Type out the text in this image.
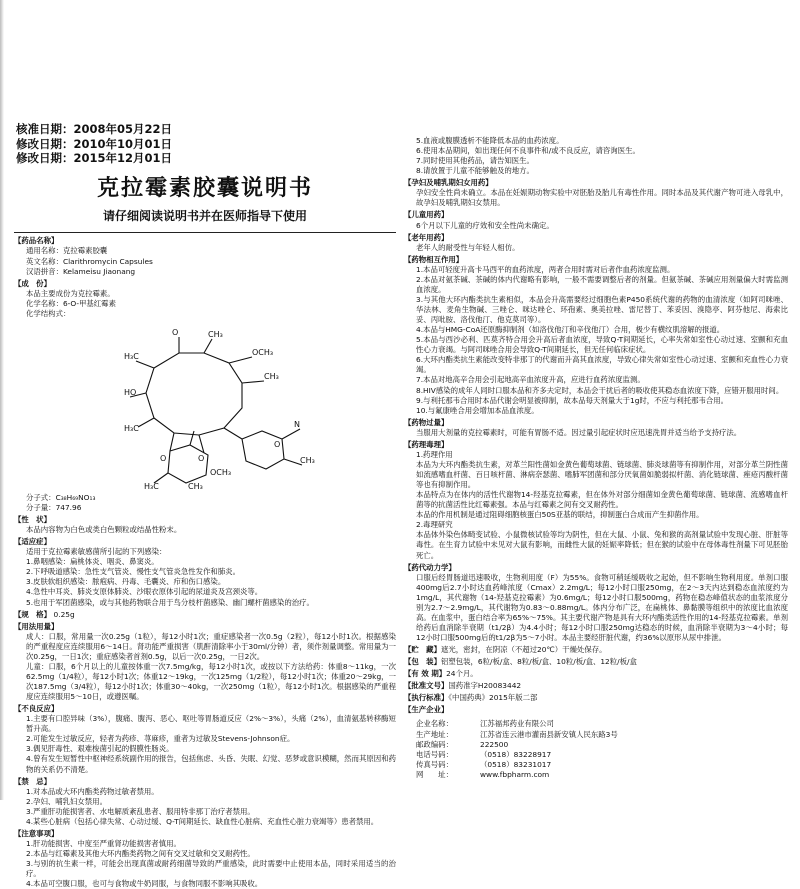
核准日期：2008年05月22日
修改日期：2010年10月01日
修改日期：2015年12月01日
克拉霉素胶囊说明书
请仔细阅读说明书并在医师指导下使用
【药品名称】
通用名称：克拉霉素胶囊
英文名称：Clarithromycin Capsules
汉语拼音：Kelameisu Jiaonang
【成　份】
本品主要成份为克拉霉素。
化学名称：6-O-甲基红霉素
化学结构式：
O	CH₃
OCH₃
CH₃
H₃C
HO
H₃C
O	O
O
N
CH₃
OCH₃
H₃C	CH₃
分子式：C₃₈H₆₉NO₁₃
分子量：747.96
【性　状】
本品内容物为白色或类白色颗粒或结晶性粉末。
【适应症】
适用于克拉霉素敏感菌所引起的下列感染：
1.鼻咽感染：扁桃体炎、咽炎、鼻窦炎。
2.下呼吸道感染：急性支气管炎、慢性支气管炎急性发作和肺炎。
3.皮肤软组织感染：脓疱病、丹毒、毛囊炎、疖和伤口感染。
4.急性中耳炎、肺炎支原体肺炎、沙眼衣原体引起的尿道炎及宫颈炎等。
5.也用于军团菌感染，或与其他药物联合用于鸟分枝杆菌感染、幽门螺杆菌感染的治疗。
【规　格】 0.25g
【用法用量】
成人：口服，常用量一次0.25g（1粒），每12小时1次；重症感染者一次0.5g（2粒），每12小时1次。根据感染的严重程度应连续服用6～14日。肾功能严重损害（肌酐清除率小于30ml/分钟）者，须作剂量调整。常用量为一次0.25g，一日1次；重症感染者首剂0.5g，以后一次0.25g，一日2次。
儿童：口服，6个月以上的儿童按体重一次7.5mg/kg，每12小时1次，或按以下方法给药：体重8～11kg，一次62.5mg（1/4粒），每12小时1次；体重12～19kg，一次125mg（1/2粒），每12小时1次；体重20～29kg，一次187.5mg（3/4粒），每12小时1次；体重30～40kg，一次250mg（1粒），每12小时1次。根据感染的严重程度应连续服用5～10日，或遵医嘱。
【不良反应】
1.主要有口腔异味（3%），腹痛、腹泻、恶心、呕吐等胃肠道反应（2%～3%），头痛（2%），血清氨基转移酶短暂升高。
2.可能发生过敏反应，轻者为药疹、荨麻疹，重者为过敏及Stevens-Johnson症。
3.偶见肝毒性、艰难梭菌引起的假膜性肠炎。
4.曾有发生短暂性中枢神经系统副作用的报告，包括焦虑、头昏、失眠、幻觉、恶梦或意识模糊，然而其原因和药物的关系仍不清楚。
【禁　忌】
1.对本品或大环内酯类药物过敏者禁用。
2.孕妇、哺乳妇女禁用。
3.严重肝功能损害者、水电解质紊乱患者、服用特非那丁治疗者禁用。
4.某些心脏病（包括心律失常、心动过缓、Q-T间期延长、缺血性心脏病、充血性心脏力衰竭等）患者禁用。
【注意事项】
1.肝功能损害、中度至严重肾功能损害者慎用。
2.本品与红霉素及其他大环内酯类药物之间有交叉过敏和交叉耐药性。
3.与别的抗生素一样，可能会出现真菌或耐药细菌导致的严重感染，此时需要中止使用本品，同时采用适当的治疗。
4.本品可空腹口服，也可与食物或牛奶同服，与食物同服不影响其吸收。
5.血液或腹膜透析不能降低本品的血药浓度。
6.使用本品期间，如出现任何不良事件和/或不良反应，请咨询医生。
7.同时使用其他药品，请告知医生。
8.请放置于儿童不能够触及的地方。
【孕妇及哺乳期妇女用药】
孕妇安全性尚未确立。本品在妊娠期动物实验中对胚胎及胎儿有毒性作用。同时本品及其代谢产物可进入母乳中，故孕妇及哺乳期妇女禁用。
【儿童用药】
6个月以下儿童的疗效和安全性尚未确定。
【老年用药】
老年人的耐受性与年轻人相仿。
【药物相互作用】
1.本品可轻度升高卡马西平的血药浓度，两者合用时需对后者作血药浓度监测。
2.本品对氨茶碱、茶碱的体内代谢略有影响，一般不需要调整后者的剂量。但氨茶碱、茶碱应用剂量偏大时需监测血浓度。
3.与其他大环内酯类抗生素相似，本品会升高需要经过细胞色素P450系统代谢的药物的血清浓度（如阿司咪唑、华法林、麦角生物碱、三唑仑、咪达唑仑、环孢素、奥美拉唑、雷尼替丁、苯妥因、溴隐亭、阿芬他尼、海索比妥、丙吡胺、洛伐他汀、他克莫司等）。
4.本品与HMG-CoA还原酶抑制剂（如洛伐他汀和辛伐他汀）合用，极少有横纹肌溶解的报道。
5.本品与西沙必利、匹莫齐特合用会升高后者血浓度，导致Q-T间期延长，心率失常如室性心动过速、室颤和充血性心力衰竭。与阿司咪唑合用会导致Q-T间期延长，但无任何临床症状。
6.大环内酯类抗生素能改变特非那丁的代谢而升高其血浓度，导致心律失常如室性心动过速、室颤和充血性心力衰竭。
7.本品对地高辛合用会引起地高辛血浓度升高，应进行血药浓度监测。
8.HIV感染的成年人同时口服本品和齐多夫定时，本品会干扰后者的吸收使其稳态血浓度下降，应错开服用时间。
9.与利托那韦合用时本品代谢会明显被抑制，故本品每天剂量大于1g时，不应与利托那韦合用。
10.与氟康唑合用会增加本品血浓度。
【药物过量】
当服用大剂量的克拉霉素时，可能有胃肠不适。因过量引起症状时应迅速洗胃并适当给予支持疗法。
【药理毒理】
1.药理作用
本品为大环内酯类抗生素，对革兰阳性菌如金黄色葡萄球菌、链球菌、肺炎球菌等有抑制作用，对部分革兰阴性菌如流感嗜血杆菌、百日咳杆菌、淋病奈瑟菌、嗜肺军团菌和部分厌氧菌如脆弱拟杆菌、消化链球菌、痤疮丙酸杆菌等也有抑制作用。
本品特点为在体内的活性代谢物14-羟基克拉霉素，但在体外对部分细菌如金黄色葡萄球菌、链球菌、流感嗜血杆菌等的抗菌活性比红霉素强。本品与红霉素之间有交叉耐药性。
本品的作用机制是通过阻碍细胞核蛋白50S亚基的联结，抑制蛋白合成而产生抑菌作用。
2.毒理研究
本品体外染色体畸变试验、小鼠微核试验等均为阴性，但在大鼠、小鼠、兔和猴的高剂量试验中发现心脏、肝脏等毒性。在生育力试验中未见对大鼠有影响，而雌性大鼠的妊娠率降低；但在猴的试验中在母体毒性剂量下可见胚胎死亡。
【药代动力学】
口服后经胃肠道迅速吸收，生物利用度（F）为55%。食物可稍延缓吸收之起始，但不影响生物利用度。单剂口服400mg后2.7小时达血药峰浓度（Cmax）2.2mg/L；每12小时口服250mg，在2～3天内达到稳态血浓度约为1mg/L，其代谢物（14-羟基克拉霉素）为0.6mg/L；每12小时口服500mg，药物在稳态峰值状态的血浆浓度分别为2.7～2.9mg/L，其代谢物为0.83～0.88mg/L。体内分布广泛，在扁桃体、鼻黏膜等组织中的浓度比血浓度高。在血浆中，蛋白结合率为65%～75%。其主要代谢产物是具有大环内酯类活性作用的14-羟基克拉霉素。单剂给药后血消除半衰期（t1/2β）为4.4小时；每12小时口服250mg达稳态的时候，血消除半衰期为3～4小时；每12小时口服500mg后的t1/2β为5～7小时。本品主要经肝脏代谢，约36%以原形从尿中排泄。
【贮　藏】遮光，密封，在阴凉（不超过20℃）干燥处保存。
【包　装】铝塑包装，6粒/板/盒、8粒/板/盒、10粒/板/盒、12粒/板/盒
【有 效 期】24个月。
【批准文号】国药准字H20083442
【执行标准】《中国药典》2015年版二部
【生产企业】
企业名称：	江苏福邦药业有限公司
生产地址：	江苏省连云港市灌南县新安镇人民东路3号
邮政编码：	222500
电话号码：	（0518）83228917
传真号码：	（0518）83231017
网　　址：	www.fbpharm.com
